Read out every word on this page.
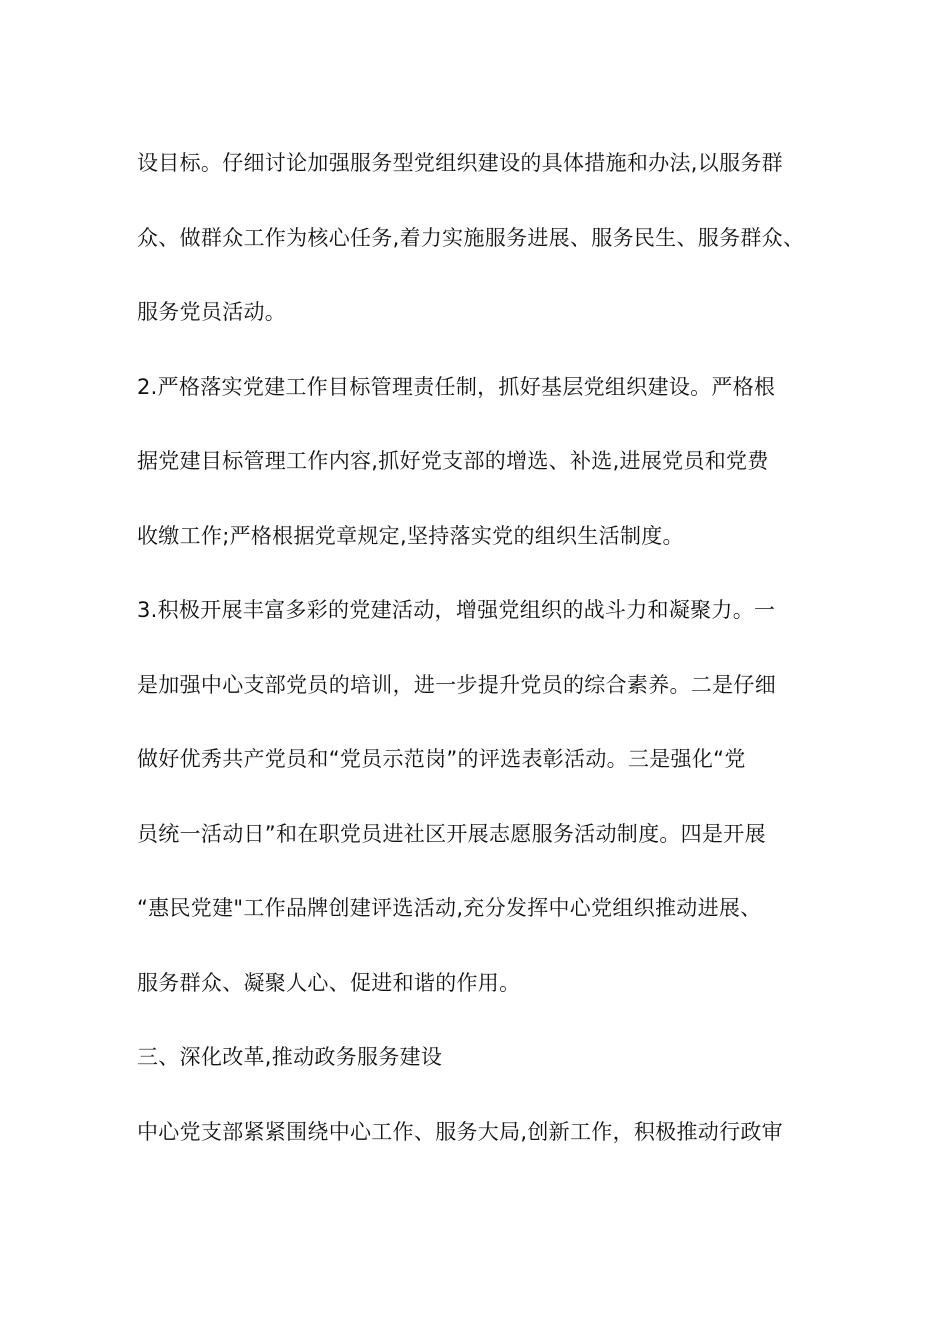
设目标。仔细讨论加强服务型党组织建设的具体措施和办法,以服务群
众、做群众工作为核心任务,着力实施服务进展、服务民生、服务群众、
服务党员活动。
2.严格落实党建工作目标管理责任制，抓好基层党组织建设。严格根
据党建目标管理工作内容,抓好党支部的增选、补选,进展党员和党费
收缴工作;严格根据党章规定,坚持落实党的组织生活制度。
3.积极开展丰富多彩的党建活动，增强党组织的战斗力和凝聚力。一
是加强中心支部党员的培训，进一步提升党员的综合素养。二是仔细
做好优秀共产党员和“党员示范岗”的评选表彰活动。三是强化“党
员统一活动日”和在职党员进社区开展志愿服务活动制度。四是开展
“惠民党建"工作品牌创建评选活动,充分发挥中心党组织推动进展、
服务群众、凝聚人心、促进和谐的作用。
三、深化改革,推动政务服务建设
中心党支部紧紧围绕中心工作、服务大局,创新工作，积极推动行政审
